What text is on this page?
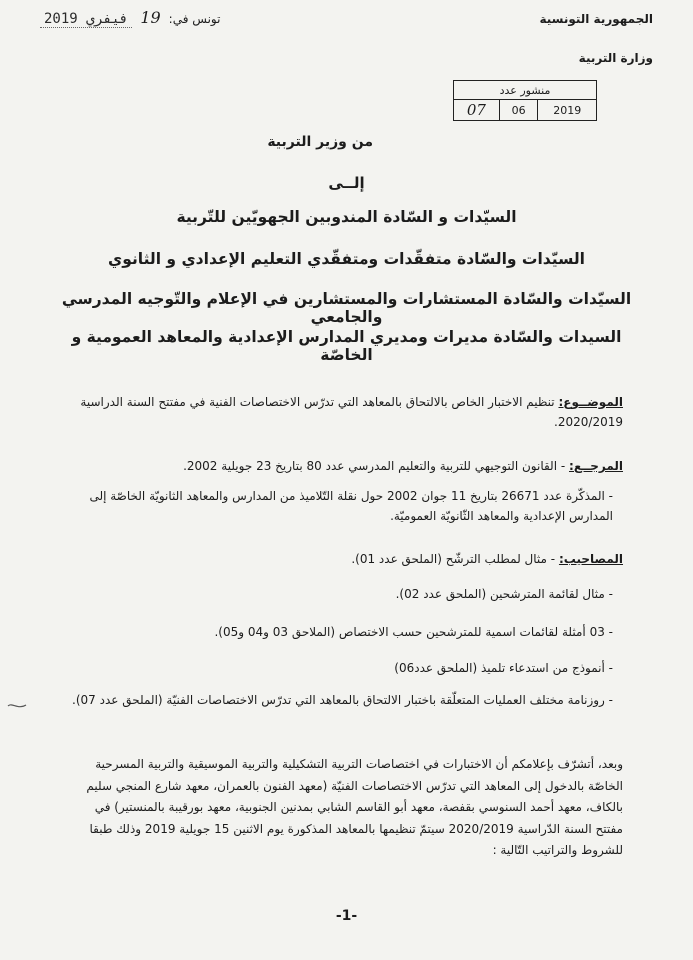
الجمهورية التونسية
وزارة التربية
2019 فيفري 19 تونس في:
منشور عدد
2019	06	07
من وزير التربية
إلــى
السيّدات و السّادة المندوبين الجهويّين للتّربية
السيّدات والسّادة متفقّدات ومتفقّدي التعليم الإعدادي و الثانوي
السيّدات والسّادة المستشارات والمستشارين في الإعلام والتّوجيه المدرسي والجامعي
السيدات والسّادة مديرات ومديري المدارس الإعدادية والمعاهد العمومية و الخاصّة
الموضــوع: تنظيم الاختبار الخاص بالالتحاق بالمعاهد التي تدرّس الاختصاصات الفنية في مفتتح السنة الدراسية 2020/2019.
المرجــع: - القانون التوجيهي للتربية والتعليم المدرسي عدد 80 بتاريخ 23 جويلية 2002.
- المذكّرة عدد 26671 بتاريخ 11 جوان 2002 حول نقلة التّلاميذ من المدارس والمعاهد الثانويّة الخاصّة إلى المدارس الإعدادية والمعاهد الثّانويّة العموميّة.
المصاحيب: - مثال لمطلب الترشّح (الملحق عدد 01).
- مثال لقائمة المترشحين (الملحق عدد 02).
- 03 أمثلة لقائمات اسمية للمترشحين حسب الاختصاص (الملاحق 03 و04 و05).
- أنموذج من استدعاء تلميذ (الملحق عدد06)
- روزنامة مختلف العمليات المتعلّقة باختبار الالتحاق بالمعاهد التي تدرّس الاختصاصات الفنيّة (الملحق عدد 07).
وبعد، أتشرّف بإعلامكم أن الاختبارات في اختصاصات التربية التشكيلية والتربية الموسيقية والتربية المسرحية الخاصّة بالدخول إلى المعاهد التي تدرّس الاختصاصات الفنيّة (معهد الفنون بالعمران، معهد شارع المنجي سليم بالكاف، معهد أحمد السنوسي بقفصة، معهد أبو القاسم الشابي بمدنين الجنوبية، معهد بورقيبة بالمنستير) في مفتتح السنة الدّراسية 2020/2019 سيتمّ تنظيمها بالمعاهد المذكورة يوم الاثنين 15 جويلية 2019 وذلك طبقا للشروط والتراتيب التّالية :
-1-
